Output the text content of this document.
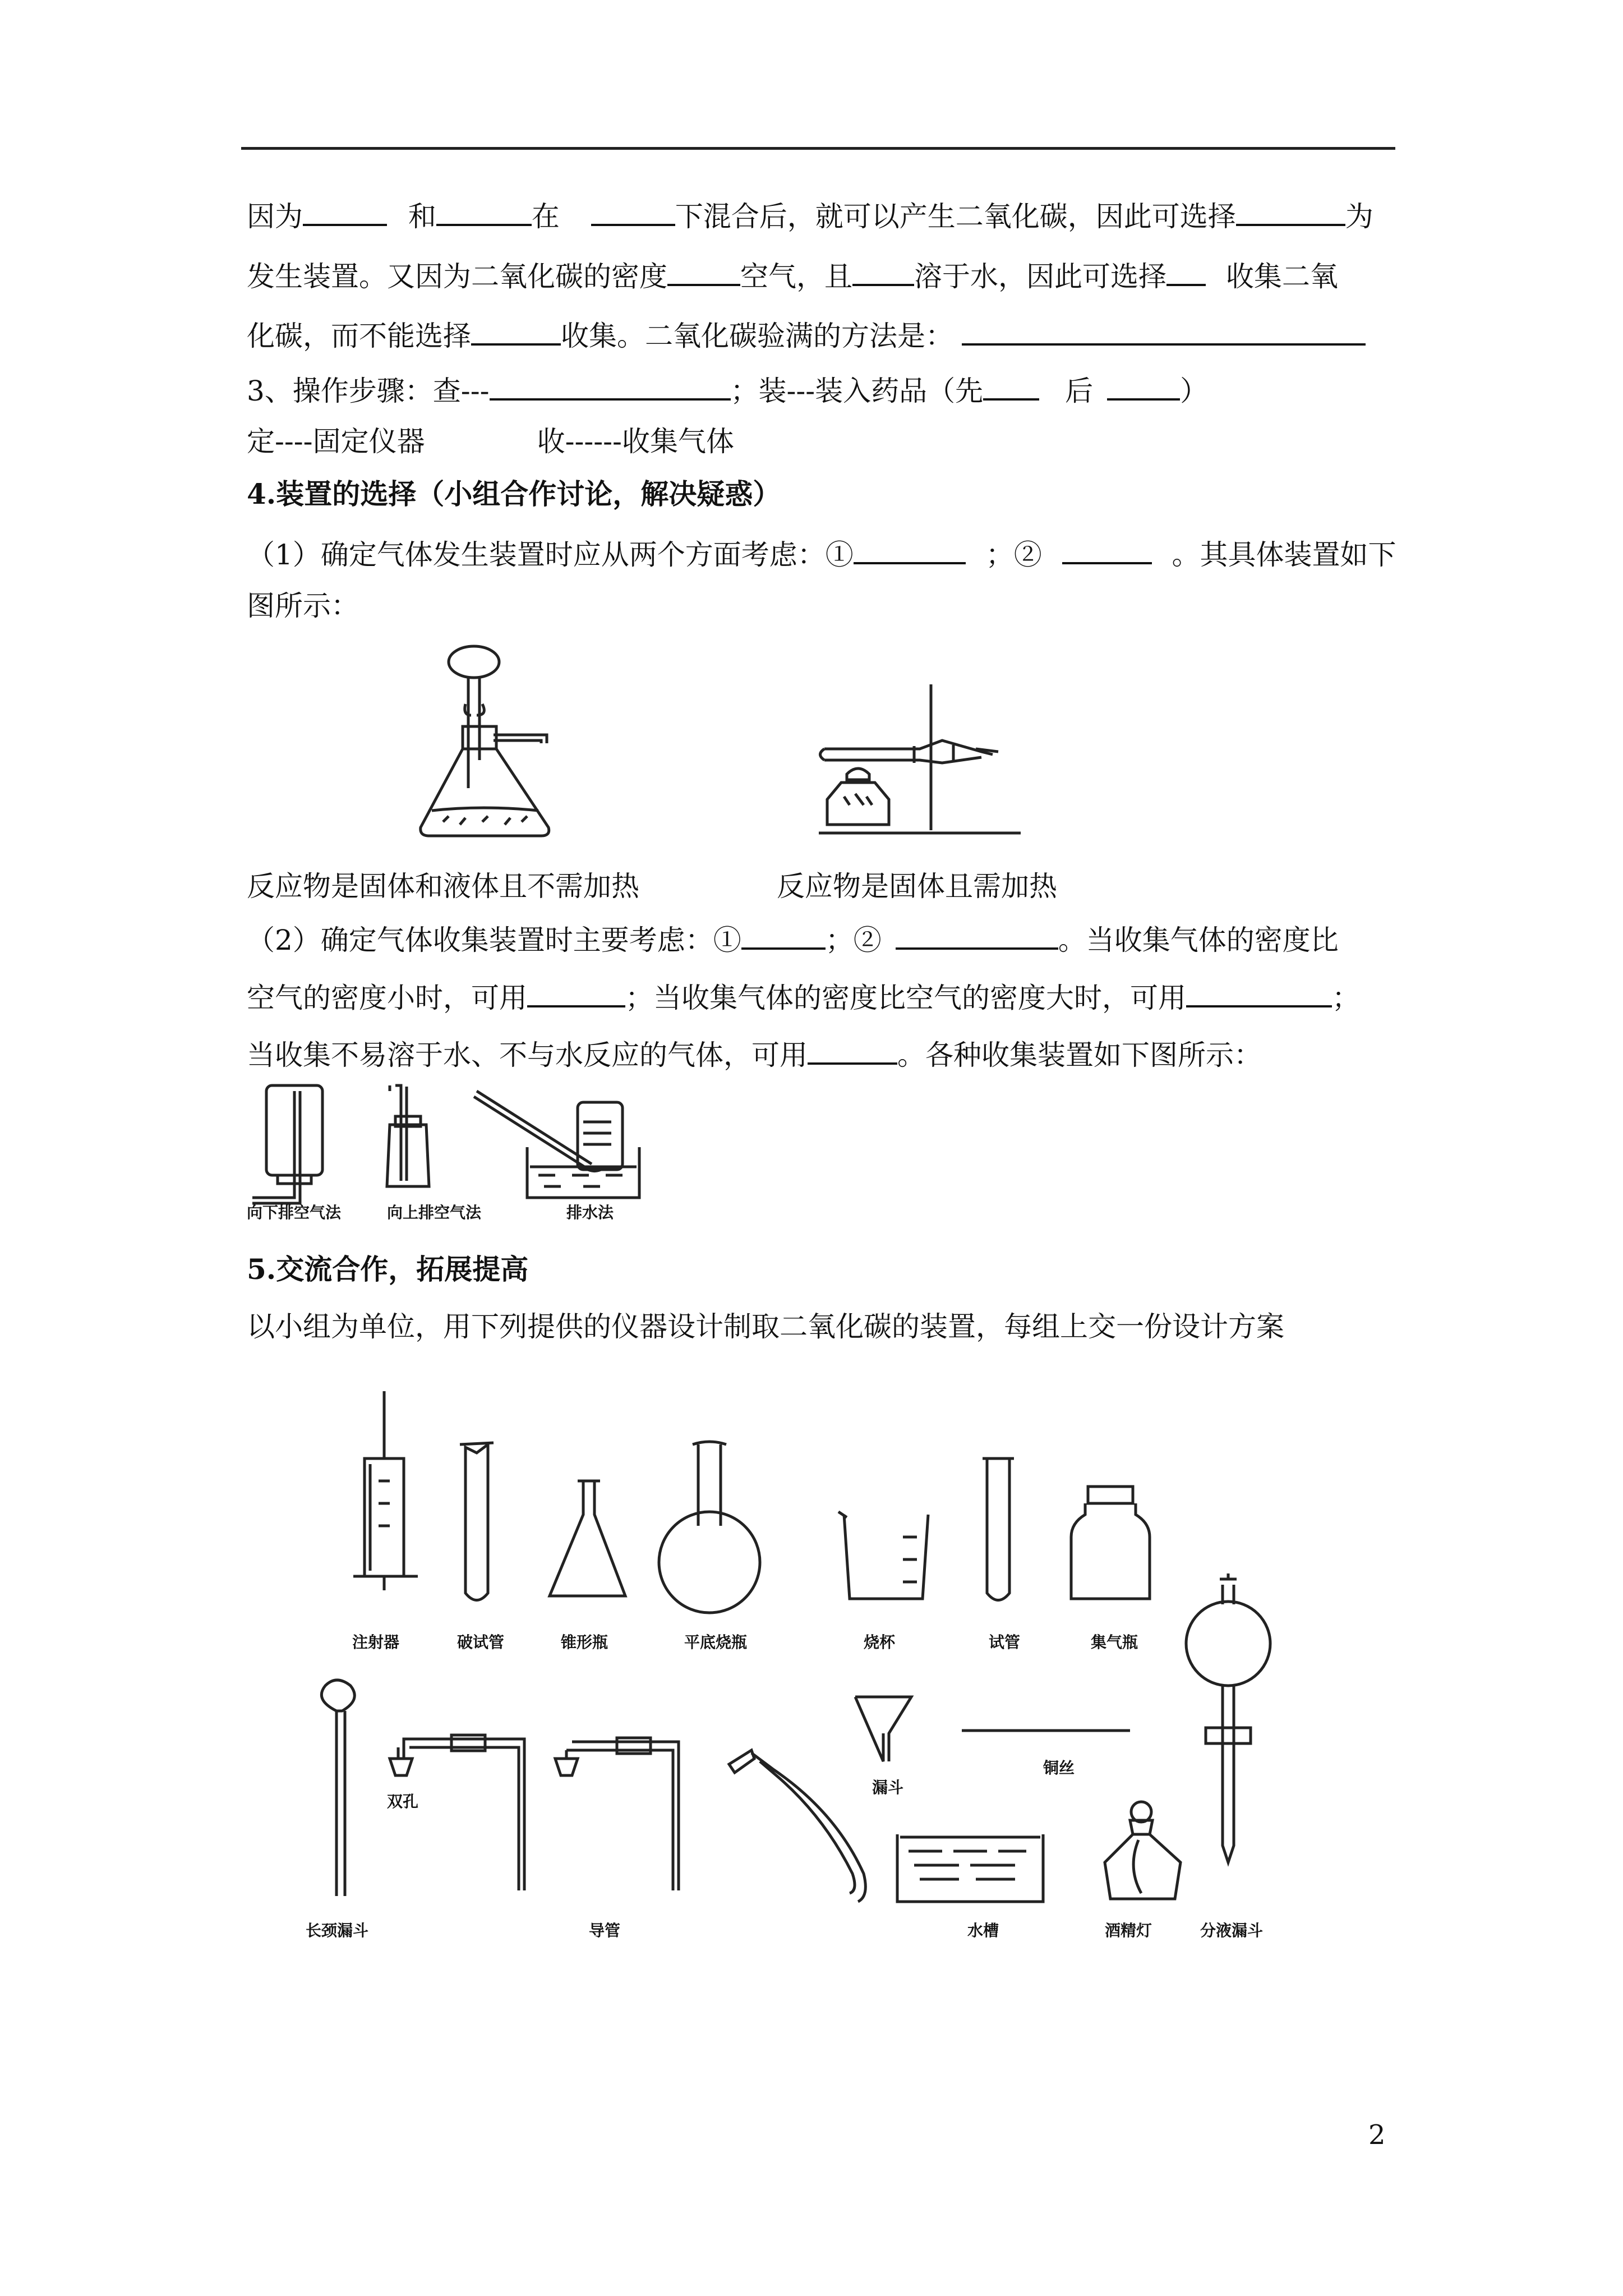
因为	和	在	下混合后，就可以产生二氧化碳，因此可选择	为
发生装置。又因为二氧化碳的密度	空气，且 溶于水，因此可选择 收集二氧
化碳，而不能选择	收集。二氧化碳验满的方法是：
3、操作步骤：查---	；装---装入药品（先	后	）
定----固定仪器	收------收集气体
4.装置的选择（小组合作讨论，解决疑惑）
（1）确定气体发生装置时应从两个方面考虑：①	；②	。其具体装置如下
图所示：
反应物是固体和液体且不需加热	反应物是固体且需加热
（2）确定气体收集装置时主要考虑：①	；②	。当收集气体的密度比
空气的密度小时，可用	；当收集气体的密度比空气的密度大时，可用	；
当收集不易溶于水、不与水反应的气体，可用	。各种收集装置如下图所示：
向下排空气法	向上排空气法	排水法
5.交流合作，拓展提高
以小组为单位，用下列提供的仪器设计制取二氧化碳的装置，每组上交一份设计方案
注射器	破试管	锥形瓶	平底烧瓶	烧杯	试管	集气瓶
双孔
铜丝
漏斗
长颈漏斗	导管	水槽	酒精灯	分液漏斗
2
